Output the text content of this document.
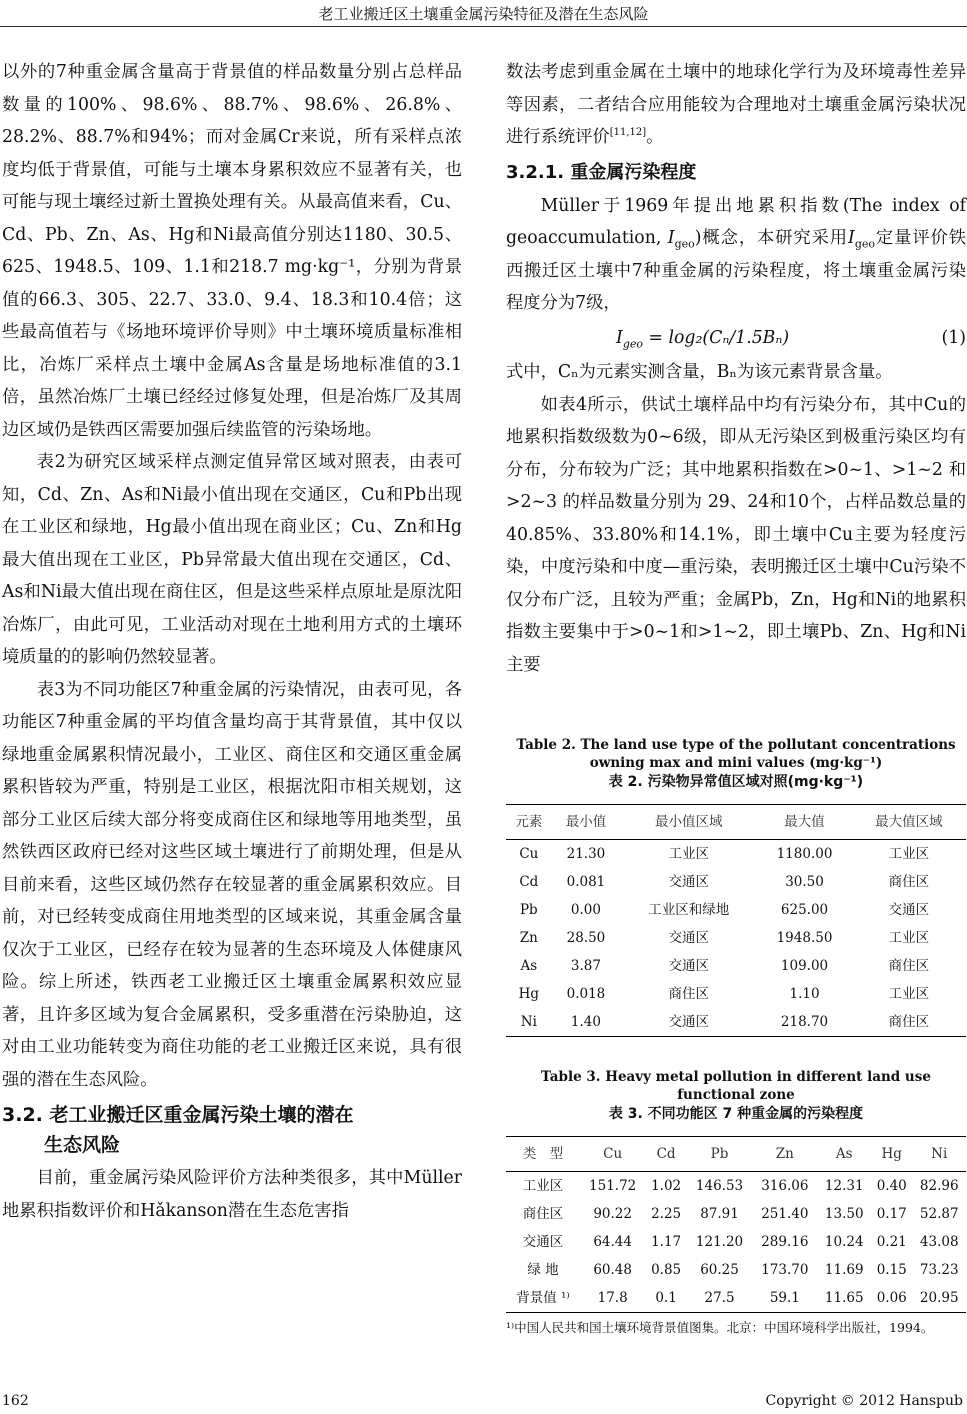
老工业搬迁区土壤重金属污染特征及潜在生态风险

以外的7种重金属含量高于背景值的样品数量分别占总样品数量的100%、98.6%、88.7%、98.6%、26.8%、28.2%、88.7%和94%；而对金属Cr来说，所有采样点浓度均低于背景值，可能与土壤本身累积效应不显著有关，也可能与现土壤经过新土置换处理有关。从最高值来看，Cu、Cd、Pb、Zn、As、Hg和Ni最高值分别达1180、30.5、625、1948.5、109、1.1和218.7 mg·kg⁻¹，分别为背景值的66.3、305、22.7、33.0、9.4、18.3和10.4倍；这些最高值若与《场地环境评价导则》中土壤环境质量标准相比，冶炼厂采样点土壤中金属As含量是场地标准值的3.1倍，虽然冶炼厂土壤已经经过修复处理，但是冶炼厂及其周边区域仍是铁西区需要加强后续监管的污染场地。

表2为研究区域采样点测定值异常区域对照表，由表可知，Cd、Zn、As和Ni最小值出现在交通区，Cu和Pb出现在工业区和绿地，Hg最小值出现在商业区；Cu、Zn和Hg最大值出现在工业区，Pb异常最大值出现在交通区，Cd、As和Ni最大值出现在商住区，但是这些采样点原址是原沈阳冶炼厂，由此可见，工业活动对现在土地利用方式的土壤环境质量的的影响仍然较显著。

表3为不同功能区7种重金属的污染情况，由表可见，各功能区7种重金属的平均值含量均高于其背景值，其中仅以绿地重金属累积情况最小，工业区、商住区和交通区重金属累积皆较为严重，特别是工业区，根据沈阳市相关规划，这部分工业区后续大部分将变成商住区和绿地等用地类型，虽然铁西区政府已经对这些区域土壤进行了前期处理，但是从目前来看，这些区域仍然存在较显著的重金属累积效应。目前，对已经转变成商住用地类型的区域来说，其重金属含量仅次于工业区，已经存在较为显著的生态环境及人体健康风险。综上所述，铁西老工业搬迁区土壤重金属累积效应显著，且许多区域为复合金属累积，受多重潜在污染胁迫，这对由工业功能转变为商住功能的老工业搬迁区来说，具有很强的潜在生态风险。

3.2. 老工业搬迁区重金属污染土壤的潜在
生态风险

目前，重金属污染风险评价方法种类很多，其中Müller地累积指数评价和Hǎkanson潜在生态危害指

数法考虑到重金属在土壤中的地球化学行为及环境毒性差异等因素，二者结合应用能较为合理地对土壤重金属污染状况进行系统评价[11,12]。

3.2.1. 重金属污染程度

Müller于1969年提出地累积指数(The index of geoaccumulation, $I_{geo}$)概念，本研究采用$I_{geo}$定量评价铁西搬迁区土壤中7种重金属的污染程度，将土壤重金属污染程度分为7级，

$I_{geo} = \log_2(C_n/1.5B_n)$	(1)

式中，Cₙ为元素实测含量，Bₙ为该元素背景含量。

如表4所示，供试土壤样品中均有污染分布，其中Cu的地累积指数级数为0~6级，即从无污染区到极重污染区均有分布，分布较为广泛；其中地累积指数在>0~1、>1~2 和>2~3 的样品数量分别为 29、24和10个，占样品数总量的40.85%、33.80%和14.1%，即土壤中Cu主要为轻度污染，中度污染和中度—重污染，表明搬迁区土壤中Cu污染不仅分布广泛，且较为严重；金属Pb，Zn，Hg和Ni的地累积指数主要集中于>0~1和>1~2，即土壤Pb、Zn、Hg和Ni主要

Table 2. The land use type of the pollutant concentrations owning max and mini values (mg·kg⁻¹)
表 2. 污染物异常值区域对照(mg·kg⁻¹)
元素	最小值	最小值区域	最大值	最大值区域
Cu	21.30	工业区	1180.00	工业区
Cd	0.081	交通区	30.50	商住区
Pb	0.00	工业区和绿地	625.00	交通区
Zn	28.50	交通区	1948.50	工业区
As	3.87	交通区	109.00	商住区
Hg	0.018	商住区	1.10	工业区
Ni	1.40	交通区	218.70	商住区
Table 3. Heavy metal pollution in different land use functional zone
表 3. 不同功能区 7 种重金属的污染程度
类　型	Cu	Cd	Pb	Zn	As	Hg	Ni
工业区	151.72	1.02	146.53	316.06	12.31	0.40	82.96
商住区	90.22	2.25	87.91	251.40	13.50	0.17	52.87
交通区	64.44	1.17	121.20	289.16	10.24	0.21	43.08
绿 地	60.48	0.85	60.25	173.70	11.69	0.15	73.23
背景值 ¹⁾	17.8	0.1	27.5	59.1	11.65	0.06	20.95
¹⁾中国人民共和国土壤环境背景值图集。北京：中国环境科学出版社，1994。
162	Copyright © 2012 Hanspub
